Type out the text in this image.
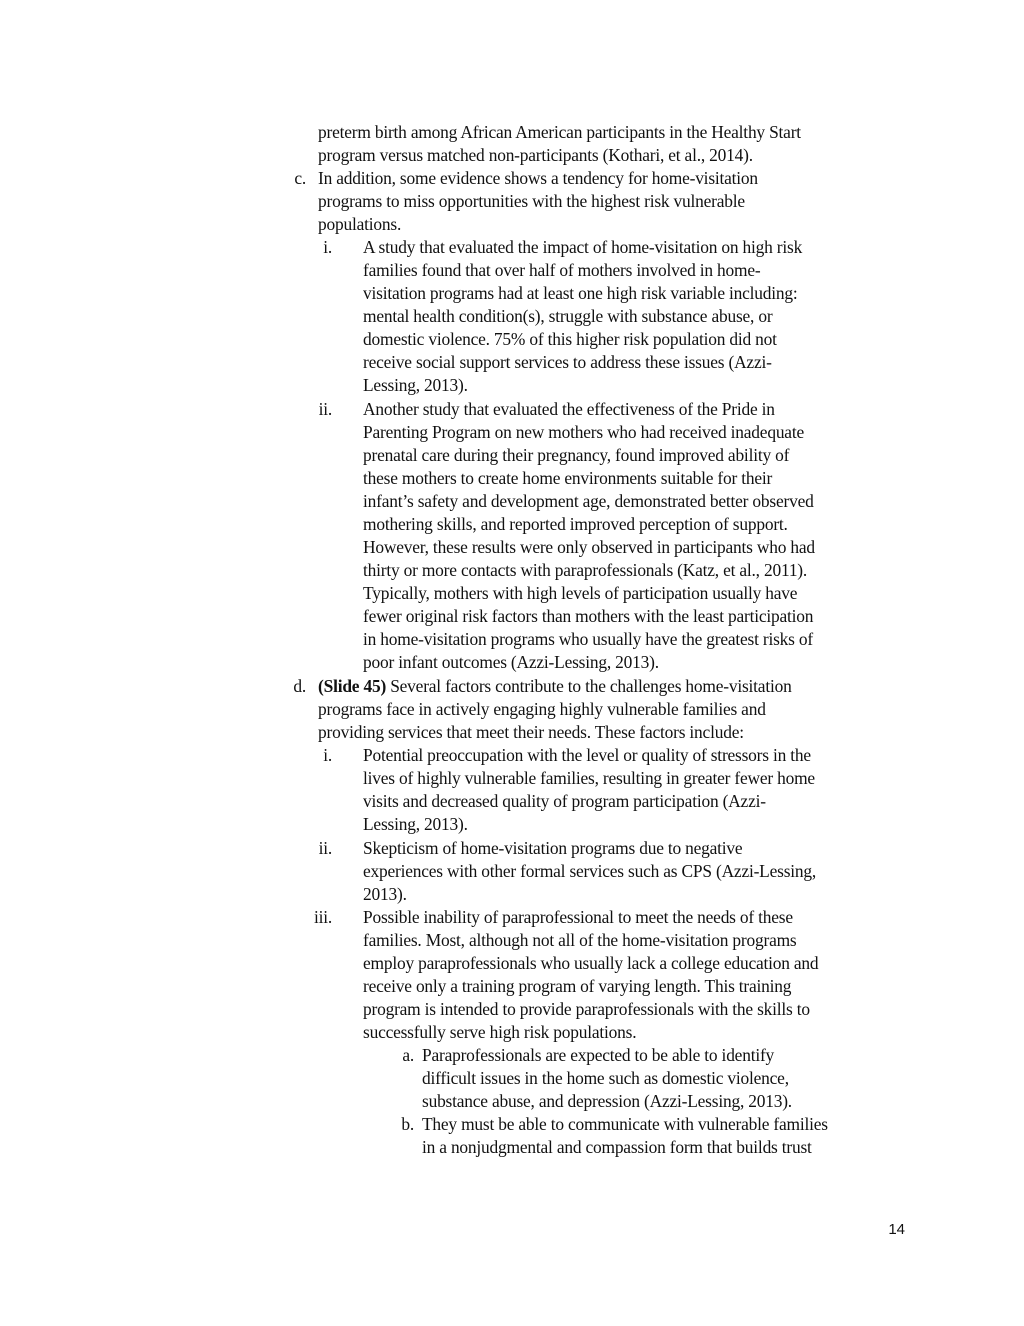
preterm birth among African American participants in the Healthy Start
program versus matched non-participants (Kothari, et al., 2014).
c. In addition, some evidence shows a tendency for home-visitation
programs to miss opportunities with the highest risk vulnerable
populations.
i. A study that evaluated the impact of home-visitation on high risk
families found that over half of mothers involved in home-
visitation programs had at least one high risk variable including:
mental health condition(s), struggle with substance abuse, or
domestic violence. 75% of this higher risk population did not
receive social support services to address these issues (Azzi-
Lessing, 2013).
ii. Another study that evaluated the effectiveness of the Pride in
Parenting Program on new mothers who had received inadequate
prenatal care during their pregnancy, found improved ability of
these mothers to create home environments suitable for their
infant’s safety and development age, demonstrated better observed
mothering skills, and reported improved perception of support.
However, these results were only observed in participants who had
thirty or more contacts with paraprofessionals (Katz, et al., 2011).
Typically, mothers with high levels of participation usually have
fewer original risk factors than mothers with the least participation
in home-visitation programs who usually have the greatest risks of
poor infant outcomes (Azzi-Lessing, 2013).
d. (Slide 45) Several factors contribute to the challenges home-visitation
programs face in actively engaging highly vulnerable families and
providing services that meet their needs. These factors include:
i. Potential preoccupation with the level or quality of stressors in the
lives of highly vulnerable families, resulting in greater fewer home
visits and decreased quality of program participation (Azzi-
Lessing, 2013).
ii. Skepticism of home-visitation programs due to negative
experiences with other formal services such as CPS (Azzi-Lessing,
2013).
iii. Possible inability of paraprofessional to meet the needs of these
families. Most, although not all of the home-visitation programs
employ paraprofessionals who usually lack a college education and
receive only a training program of varying length. This training
program is intended to provide paraprofessionals with the skills to
successfully serve high risk populations.
a. Paraprofessionals are expected to be able to identify
difficult issues in the home such as domestic violence,
substance abuse, and depression (Azzi-Lessing, 2013).
b. They must be able to communicate with vulnerable families
in a nonjudgmental and compassion form that builds trust
14
